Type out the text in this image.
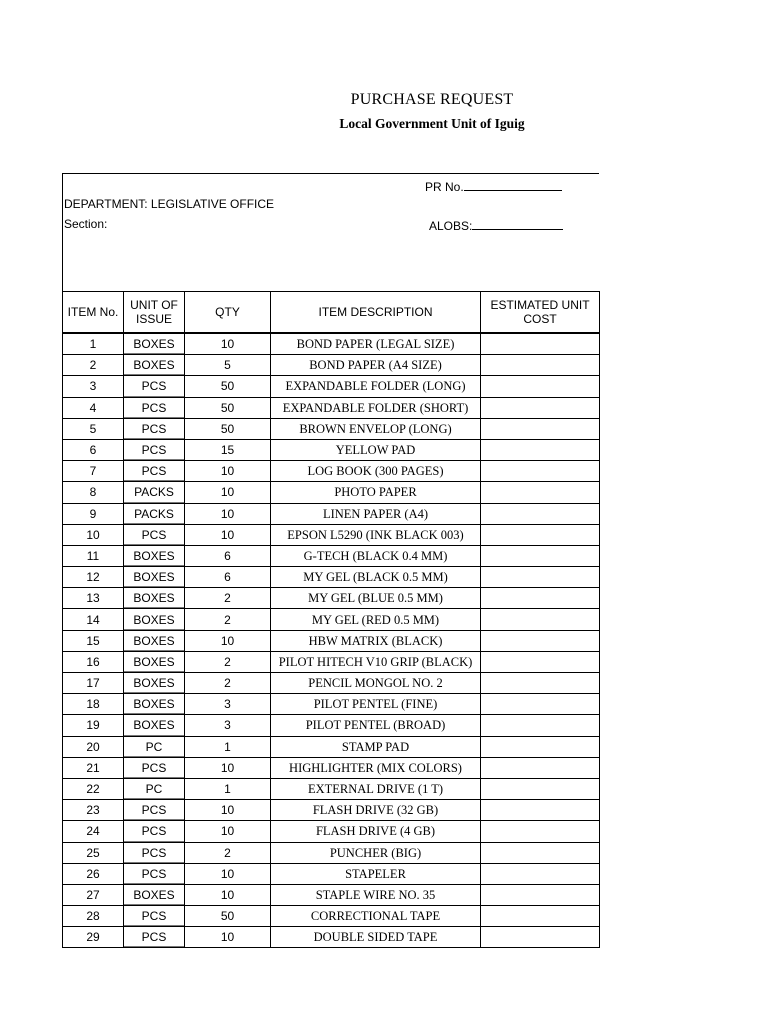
PURCHASE REQUEST
Local Government Unit of Iguig
PR No.
DEPARTMENT: LEGISLATIVE OFFICE
Section:	ALOBS:
ITEM No.	UNIT OF ISSUE	QTY	ITEM DESCRIPTION	ESTIMATED UNIT COST
1	BOXES	10	BOND PAPER (LEGAL SIZE)	
2	BOXES	5	BOND PAPER (A4 SIZE)	
3	PCS	50	EXPANDABLE FOLDER (LONG)	
4	PCS	50	EXPANDABLE FOLDER (SHORT)	
5	PCS	50	BROWN ENVELOP (LONG)	
6	PCS	15	YELLOW PAD	
7	PCS	10	LOG BOOK (300 PAGES)	
8	PACKS	10	PHOTO PAPER	
9	PACKS	10	LINEN PAPER (A4)	
10	PCS	10	EPSON L5290 (INK BLACK 003)	
11	BOXES	6	G-TECH (BLACK 0.4 MM)	
12	BOXES	6	MY GEL (BLACK 0.5 MM)	
13	BOXES	2	MY GEL (BLUE 0.5 MM)	
14	BOXES	2	MY GEL (RED 0.5 MM)	
15	BOXES	10	HBW MATRIX (BLACK)	
16	BOXES	2	PILOT HITECH V10 GRIP (BLACK)	
17	BOXES	2	PENCIL MONGOL NO. 2	
18	BOXES	3	PILOT PENTEL (FINE)	
19	BOXES	3	PILOT PENTEL (BROAD)	
20	PC	1	STAMP PAD	
21	PCS	10	HIGHLIGHTER (MIX COLORS)	
22	PC	1	EXTERNAL DRIVE (1 T)	
23	PCS	10	FLASH DRIVE (32 GB)	
24	PCS	10	FLASH DRIVE (4 GB)	
25	PCS	2	PUNCHER (BIG)	
26	PCS	10	STAPELER	
27	BOXES	10	STAPLE WIRE NO. 35	
28	PCS	50	CORRECTIONAL TAPE	
29	PCS	10	DOUBLE SIDED TAPE	
